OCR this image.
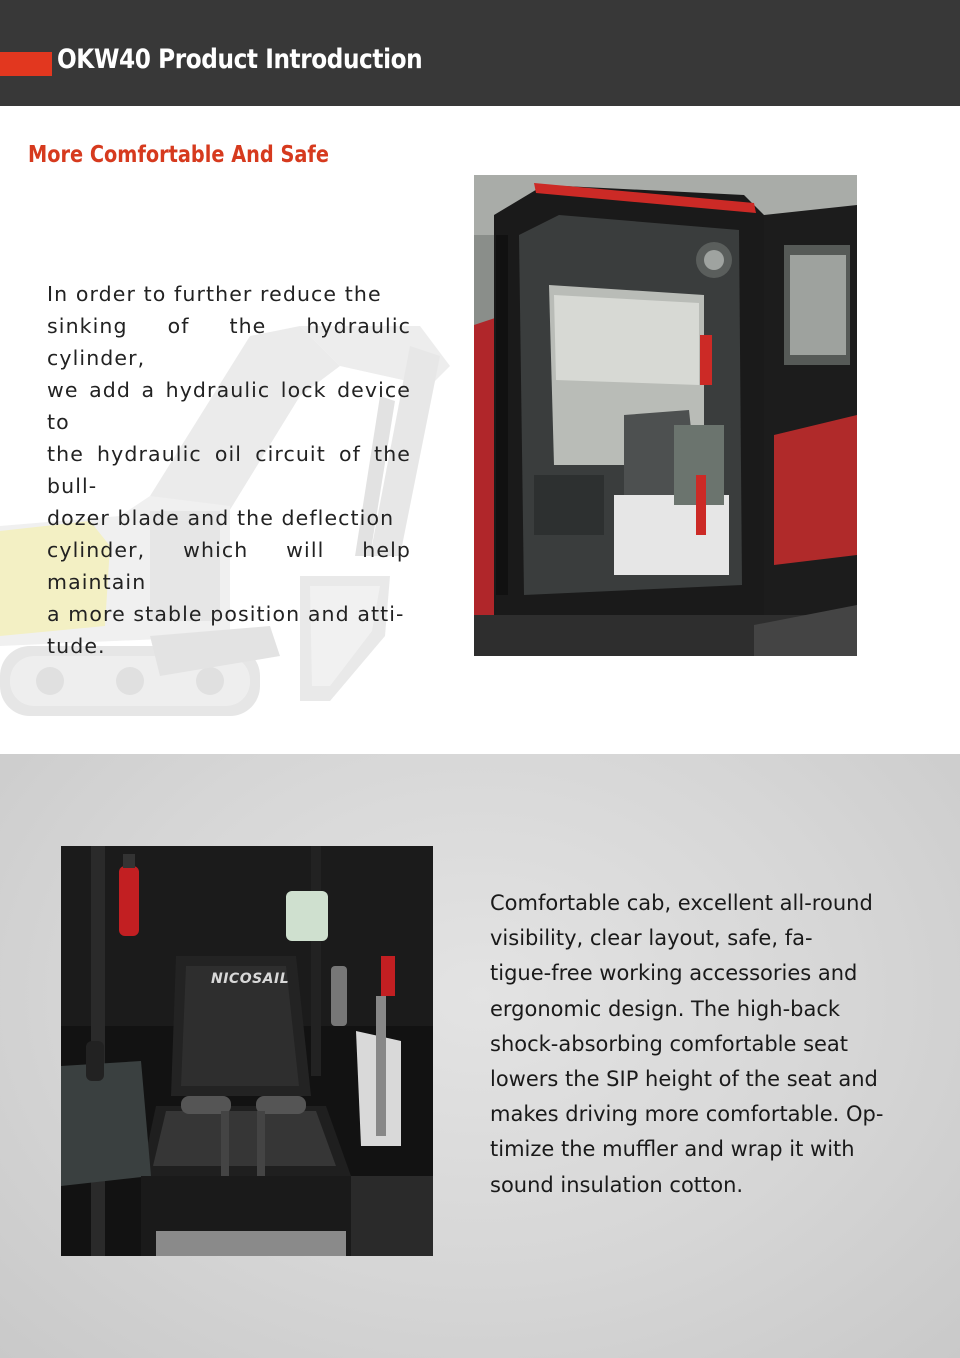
OKW40 Product Introduction
More Comfortable And Safe
In order to further reduce the
sinking of the hydraulic cylinder,
we add a hydraulic lock device to
the hydraulic oil circuit of the bull-
dozer blade and the deflection
cylinder, which will help maintain
a more stable position and atti-
tude.
NICOSAIL
Comfortable cab, excellent all-round
visibility, clear layout, safe, fa-
tigue-free working accessories and
ergonomic design. The high-back
shock-absorbing comfortable seat
lowers the SIP height of the seat and
makes driving more comfortable. Op-
timize the muffler and wrap it with
sound insulation cotton.
